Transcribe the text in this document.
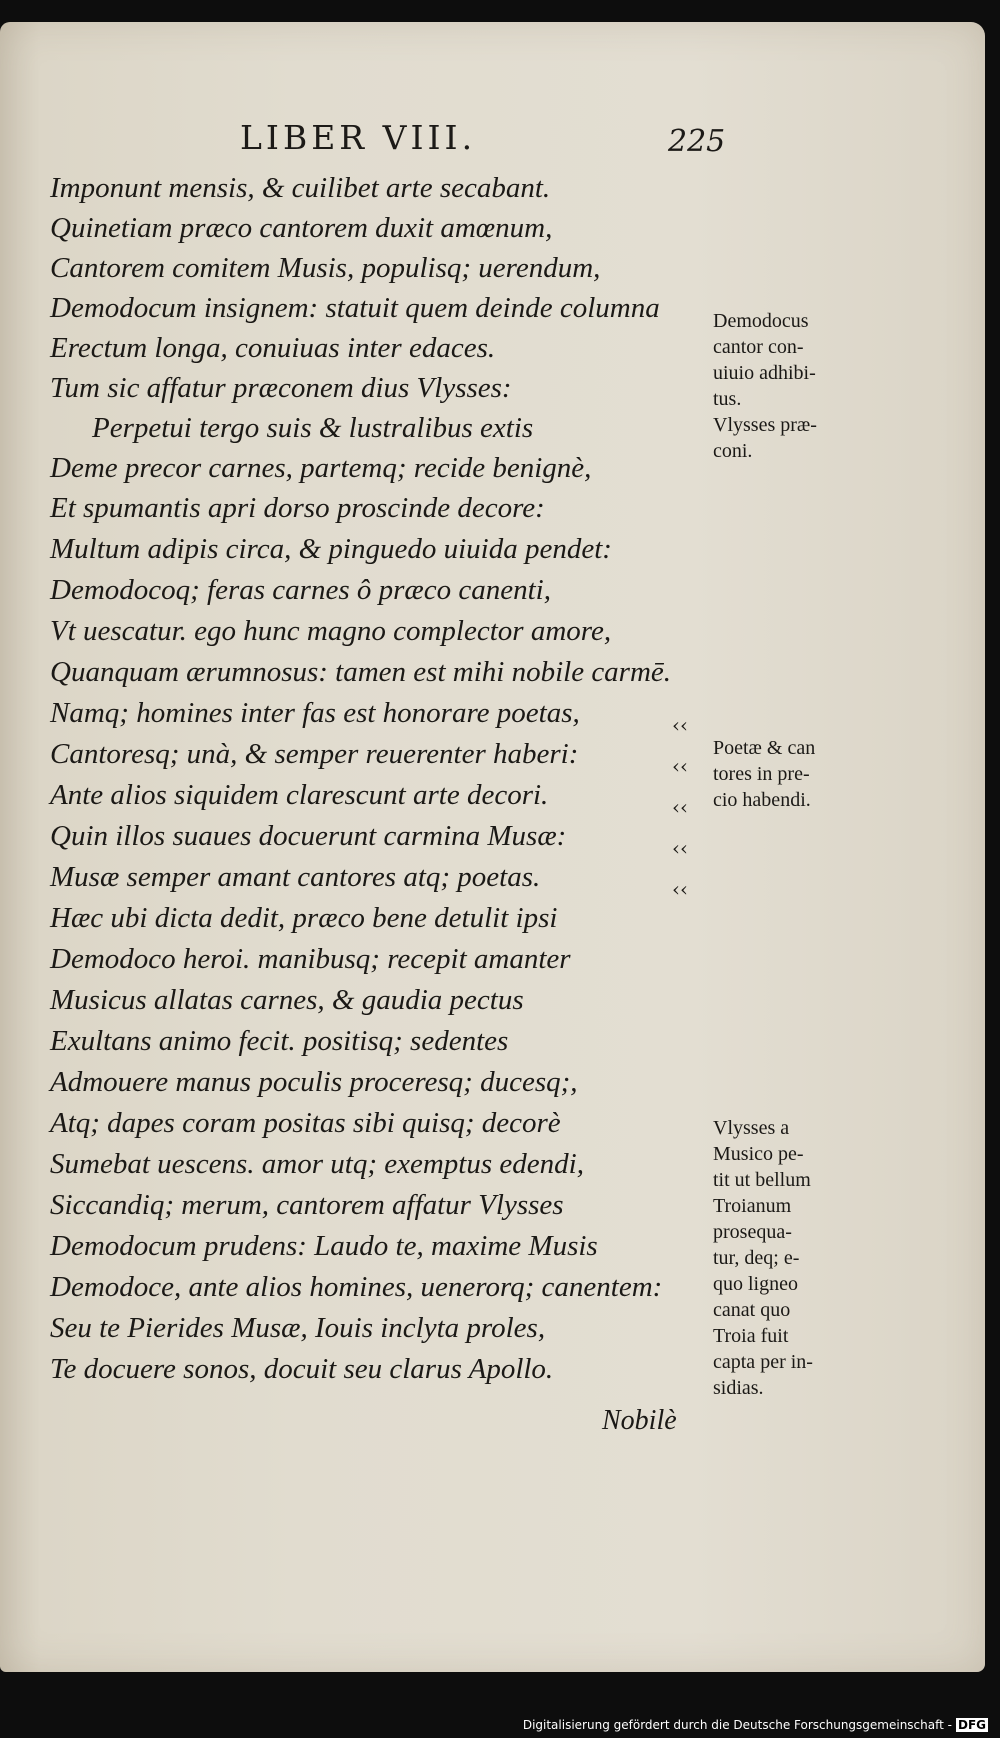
LIBER VIII.	225
Imponunt mensis, & cuilibet arte secabant.
Quinetiam præco cantorem duxit amœnum,
Cantorem comitem Musis, populisq; uerendum,
Demodocum insignem: statuit quem deinde columna
Erectum longa, conuiuas inter edaces.
Tum sic affatur præconem dius Vlysses:
Perpetui tergo suis & lustralibus extis
Deme precor carnes, partemq; recide benignè,
Et spumantis apri dorso proscinde decore:
Multum adipis circa, & pinguedo uiuida pendet:
Demodocoq; feras carnes ô præco canenti,
Vt uescatur. ego hunc magno complector amore,
Quanquam ærumnosus: tamen est mihi nobile carmē.
Namq; homines inter fas est honorare poetas,
Cantoresq; unà, & semper reuerenter haberi:
Ante alios siquidem clarescunt arte decori.
Quin illos suaues docuerunt carmina Musæ:
Musæ semper amant cantores atq; poetas.
Hæc ubi dicta dedit, præco bene detulit ipsi
Demodoco heroi. manibusq; recepit amanter
Musicus allatas carnes, & gaudia pectus
Exultans animo fecit. positisq; sedentes
Admouere manus poculis proceresq; ducesq;,
Atq; dapes coram positas sibi quisq; decorè
Sumebat uescens. amor utq; exemptus edendi,
Siccandiq; merum, cantorem affatur Vlysses
Demodocum prudens: Laudo te, maxime Musis
Demodoce, ante alios homines, uenerorq; canentem:
Seu te Pierides Musæ, Iouis inclyta proles,
Te docuere sonos, docuit seu clarus Apollo.
‹‹
‹‹
‹‹
‹‹
‹‹
Demodocus
cantor con-
uiuio adhibi-
tus.
Vlysses præ-
coni.
Poetæ & can
tores in pre-
cio habendi.
Vlysses a
Musico pe-
tit ut bellum
Troianum
prosequa-
tur, deq; e-
quo ligneo
canat quo
Troia fuit
capta per in-
sidias.
Nobilè
Digitalisierung gefördert durch die Deutsche Forschungsgemeinschaft - DFG
